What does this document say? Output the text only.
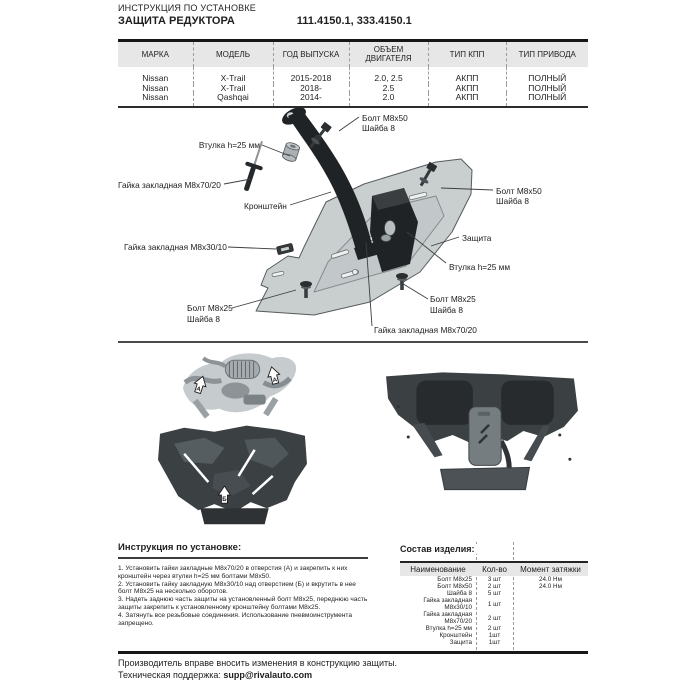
ИНСТРУКЦИЯ ПО УСТАНОВКЕ
ЗАЩИТА РЕДУКТОРА	111.4150.1, 333.4150.1
МАРКА	МОДЕЛЬ	ГОД ВЫПУСКА	ОБЪЕМ ДВИГАТЕЛЯ	ТИП КПП	ТИП ПРИВОДА
Nissan	X-Trail	2015-2018	2.0, 2.5	АКПП	ПОЛНЫЙ
Nissan	X-Trail	2018-	2.5	АКПП	ПОЛНЫЙ
Nissan	Qashqai	2014-	2.0	АКПП	ПОЛНЫЙ
Болт M8x50
Шайба 8
Втулка h=25 мм
Гайка закладная M8x70/20
Кронштейн
Болт M8x50
Шайба 8
Защита
Втулка h=25 мм
Гайка закладная M8x30/10
Болт M8x25
Шайба 8
Болт M8x25
Шайба 8
Гайка закладная M8x70/20
A
A
Б
Инструкция по установке:

1. Установить гайки закладные M8x70/20 в отверстия (А) и закрепить к них кронштейн через втулки h=25 мм болтами M8x50.

2. Установить гайку закладную M8x30/10 над отверстием (Б) и вкрутить в нее болт M8x25 на несколько оборотов.

3. Надеть заднюю часть защиты на установленный болт M8x25, переднюю часть защиты закрепить к установленному кронштейну болтами M8x25.

4. Затянуть все резьбовые соединения. Использование пневмоинструмента запрещено.

Состав изделия:
Наименование	Кол-во	Момент затяжки
Болт M8x25	3 шт	24.0 Нм
Болт M8x50	2 шт	24.0 Нм
Шайба 8	5 шт	
Гайка закладная M8x30/10	1 шт	
Гайка закладная M8x70/20	2 шт	
Втулка h=25 мм	2 шт	
Кронштейн	1шт	
Защита	1шт	
Производитель вправе вносить изменения в конструкцию защиты.
Техническая поддержка: supp@rivalauto.com
